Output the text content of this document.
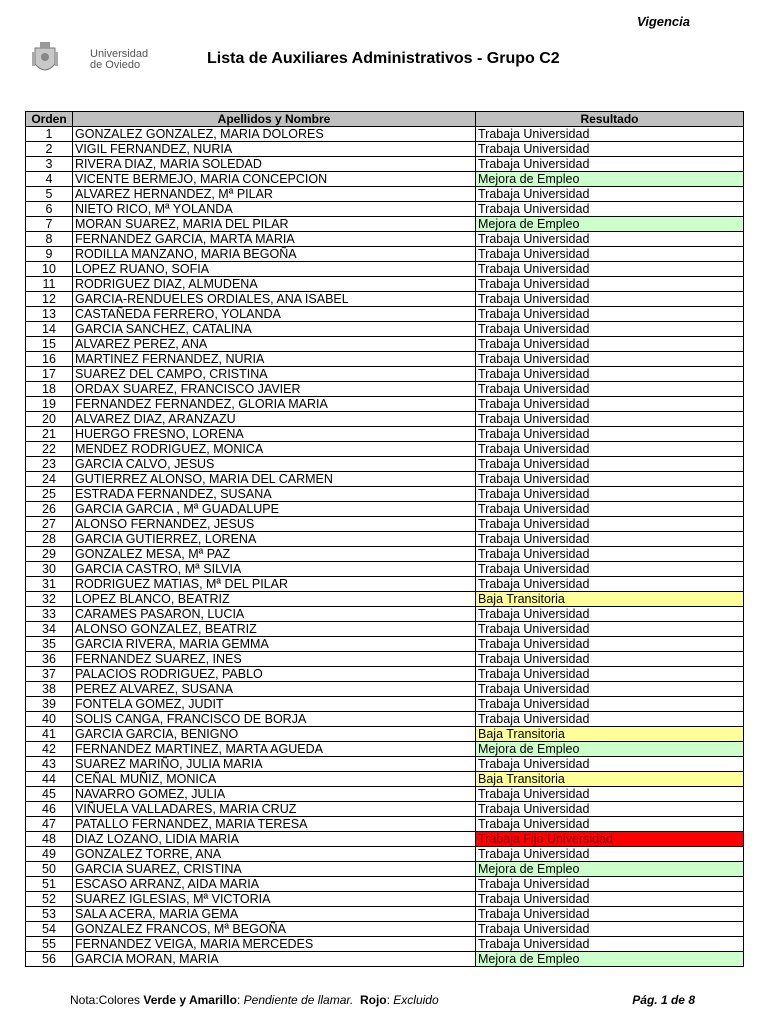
Vigencia
Universidad
de Oviedo	Lista de Auxiliares Administrativos - Grupo C2
Orden	Apellidos y Nombre	Resultado
1	GONZALEZ GONZALEZ, MARIA DOLORES	Trabaja Universidad
2	VIGIL FERNANDEZ, NURIA	Trabaja Universidad
3	RIVERA DIAZ, MARIA SOLEDAD	Trabaja Universidad
4	VICENTE BERMEJO, MARIA CONCEPCION	Mejora de Empleo
5	ALVAREZ HERNANDEZ, Mª PILAR	Trabaja Universidad
6	NIETO RICO, Mª YOLANDA	Trabaja Universidad
7	MORAN SUAREZ, MARIA DEL PILAR	Mejora de Empleo
8	FERNANDEZ GARCIA, MARTA MARIA	Trabaja Universidad
9	RODILLA MANZANO, MARIA BEGOÑA	Trabaja Universidad
10	LOPEZ RUANO, SOFIA	Trabaja Universidad
11	RODRIGUEZ DIAZ, ALMUDENA	Trabaja Universidad
12	GARCIA-RENDUELES ORDIALES, ANA ISABEL	Trabaja Universidad
13	CASTAÑEDA FERRERO, YOLANDA	Trabaja Universidad
14	GARCIA SANCHEZ, CATALINA	Trabaja Universidad
15	ALVAREZ PEREZ, ANA	Trabaja Universidad
16	MARTINEZ FERNANDEZ, NURIA	Trabaja Universidad
17	SUAREZ DEL CAMPO, CRISTINA	Trabaja Universidad
18	ORDAX SUAREZ, FRANCISCO JAVIER	Trabaja Universidad
19	FERNANDEZ FERNANDEZ, GLORIA MARIA	Trabaja Universidad
20	ALVAREZ DIAZ, ARANZAZU	Trabaja Universidad
21	HUERGO FRESNO, LORENA	Trabaja Universidad
22	MENDEZ RODRIGUEZ, MONICA	Trabaja Universidad
23	GARCIA CALVO, JESUS	Trabaja Universidad
24	GUTIERREZ ALONSO, MARIA DEL CARMEN	Trabaja Universidad
25	ESTRADA FERNANDEZ, SUSANA	Trabaja Universidad
26	GARCIA GARCIA , Mª GUADALUPE	Trabaja Universidad
27	ALONSO FERNANDEZ, JESUS	Trabaja Universidad
28	GARCIA GUTIERREZ, LORENA	Trabaja Universidad
29	GONZALEZ MESA, Mª PAZ	Trabaja Universidad
30	GARCIA CASTRO, Mª SILVIA	Trabaja Universidad
31	RODRIGUEZ MATIAS, Mª DEL PILAR	Trabaja Universidad
32	LOPEZ BLANCO, BEATRIZ	Baja Transitoria
33	CARAMES PASARON, LUCIA	Trabaja Universidad
34	ALONSO GONZALEZ, BEATRIZ	Trabaja Universidad
35	GARCIA RIVERA, MARIA GEMMA	Trabaja Universidad
36	FERNANDEZ SUAREZ, INES	Trabaja Universidad
37	PALACIOS RODRIGUEZ, PABLO	Trabaja Universidad
38	PEREZ ALVAREZ, SUSANA	Trabaja Universidad
39	FONTELA GOMEZ, JUDIT	Trabaja Universidad
40	SOLIS CANGA, FRANCISCO DE BORJA	Trabaja Universidad
41	GARCIA GARCIA, BENIGNO	Baja Transitoria
42	FERNANDEZ MARTINEZ, MARTA AGUEDA	Mejora de Empleo
43	SUAREZ MARIÑO, JULIA MARIA	Trabaja Universidad
44	CEÑAL MUÑIZ, MONICA	Baja Transitoria
45	NAVARRO GOMEZ, JULIA	Trabaja Universidad
46	VIÑUELA VALLADARES, MARIA CRUZ	Trabaja Universidad
47	PATALLO FERNANDEZ, MARIA TERESA	Trabaja Universidad
48	DIAZ LOZANO, LIDIA MARIA	Trabaja Fijo Universidad
49	GONZALEZ TORRE, ANA	Trabaja Universidad
50	GARCIA SUAREZ, CRISTINA	Mejora de Empleo
51	ESCASO ARRANZ, AIDA MARIA	Trabaja Universidad
52	SUAREZ IGLESIAS, Mª VICTORIA	Trabaja Universidad
53	SALA ACERA, MARIA GEMA	Trabaja Universidad
54	GONZALEZ FRANCOS, Mª BEGOÑA	Trabaja Universidad
55	FERNANDEZ VEIGA, MARIA MERCEDES	Trabaja Universidad
56	GARCIA MORAN, MARIA	Mejora de Empleo
Nota:Colores Verde y Amarillo: Pendiente de llamar. Rojo: Excluido	Pág. 1 de 8
